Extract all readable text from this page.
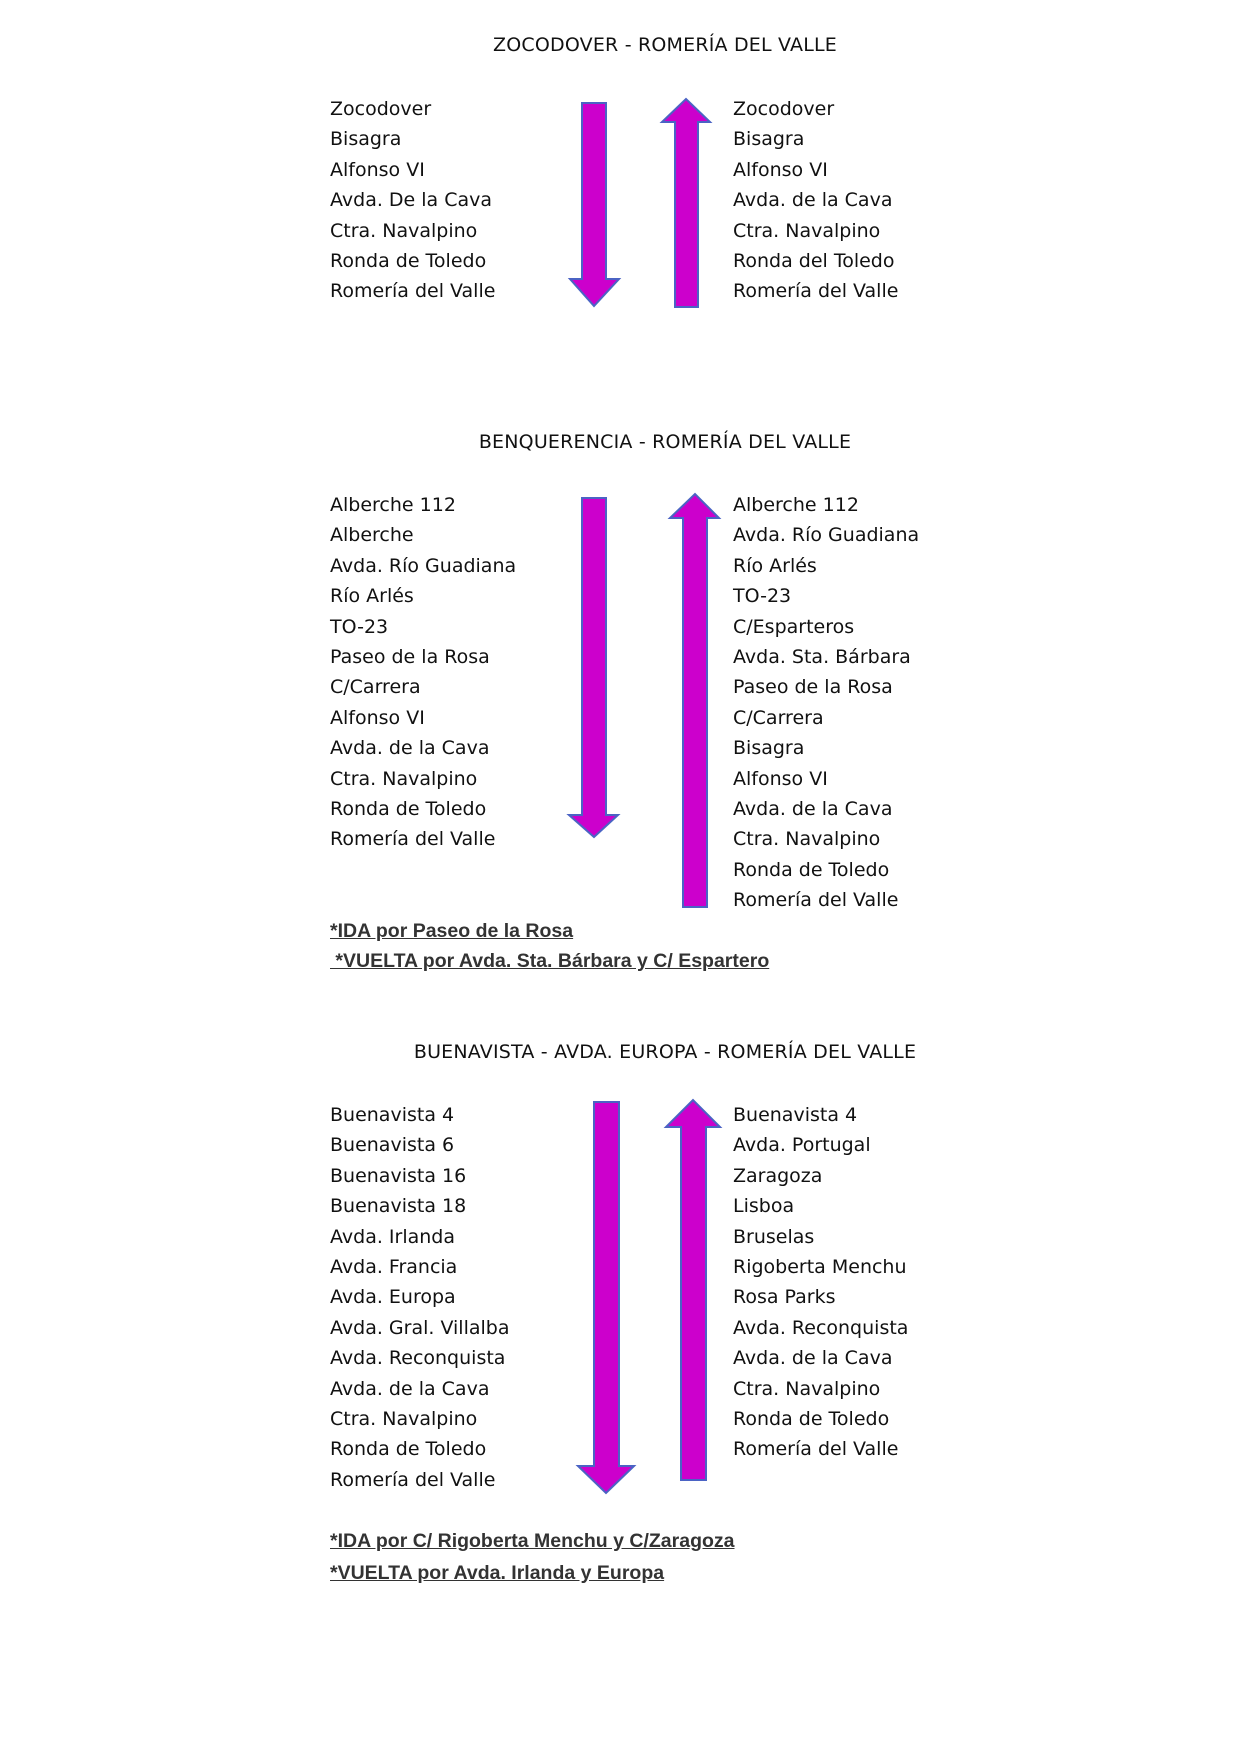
ZOCODOVER - ROMERÍA DEL VALLE
Zocodover
Bisagra
Alfonso VI
Avda. De la Cava
Ctra. Navalpino
Ronda de Toledo
Romería del Valle
Zocodover
Bisagra
Alfonso VI
Avda. de la Cava
Ctra. Navalpino
Ronda del Toledo
Romería del Valle
BENQUERENCIA - ROMERÍA DEL VALLE
Alberche 112
Alberche
Avda. Río Guadiana
Río Arlés
TO-23
Paseo de la Rosa
C/Carrera
Alfonso VI
Avda. de la Cava
Ctra. Navalpino
Ronda de Toledo
Romería del Valle
Alberche 112
Avda. Río Guadiana
Río Arlés
TO-23
C/Esparteros
Avda. Sta. Bárbara
Paseo de la Rosa
C/Carrera
Bisagra
Alfonso VI
Avda. de la Cava
Ctra. Navalpino
Ronda de Toledo
Romería del Valle
*IDA por Paseo de la Rosa
*VUELTA por Avda. Sta. Bárbara y C/ Espartero
BUENAVISTA - AVDA. EUROPA - ROMERÍA DEL VALLE
Buenavista 4
Buenavista 6
Buenavista 16
Buenavista 18
Avda. Irlanda
Avda. Francia
Avda. Europa
Avda. Gral. Villalba
Avda. Reconquista
Avda. de la Cava
Ctra. Navalpino
Ronda de Toledo
Romería del Valle
Buenavista 4
Avda. Portugal
Zaragoza
Lisboa
Bruselas
Rigoberta Menchu
Rosa Parks
Avda. Reconquista
Avda. de la Cava
Ctra. Navalpino
Ronda de Toledo
Romería del Valle
*IDA por C/ Rigoberta Menchu y C/Zaragoza
*VUELTA por Avda. Irlanda y Europa
